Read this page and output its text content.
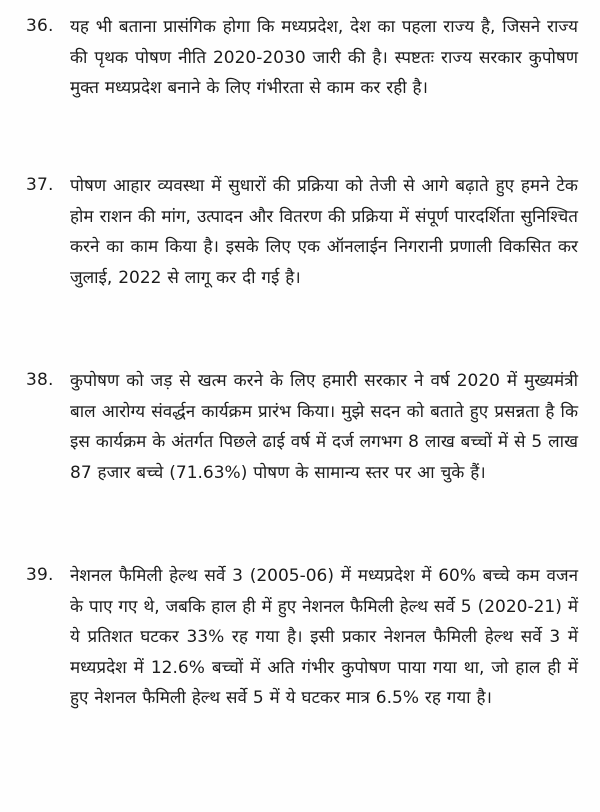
36. यह भी बताना प्रासंगिक होगा कि मध्यप्रदेश, देश का पहला राज्य है, जिसने राज्य की पृथक पोषण नीति 2020-2030 जारी की है। स्पष्टतः राज्य सरकार कुपोषण मुक्त मध्यप्रदेश बनाने के लिए गंभीरता से काम कर रही है।
37. पोषण आहार व्यवस्था में सुधारों की प्रक्रिया को तेजी से आगे बढ़ाते हुए हमने टेक होम राशन की मांग, उत्पादन और वितरण की प्रक्रिया में संपूर्ण पारदर्शिता सुनिश्चित करने का काम किया है। इसके लिए एक ऑनलाईन निगरानी प्रणाली विकसित कर जुलाई, 2022 से लागू कर दी गई है।
38. कुपोषण को जड़ से खत्म करने के लिए हमारी सरकार ने वर्ष 2020 में मुख्यमंत्री बाल आरोग्य संवर्द्धन कार्यक्रम प्रारंभ किया। मुझे सदन को बताते हुए प्रसन्नता है कि इस कार्यक्रम के अंतर्गत पिछले ढाई वर्ष में दर्ज लगभग 8 लाख बच्चों में से 5 लाख 87 हजार बच्चे (71.63%) पोषण के सामान्य स्तर पर आ चुके हैं।
39. नेशनल फैमिली हेल्थ सर्वे 3 (2005-06) में मध्यप्रदेश में 60% बच्चे कम वजन के पाए गए थे, जबकि हाल ही में हुए नेशनल फैमिली हेल्थ सर्वे 5 (2020-21) में ये प्रतिशत घटकर 33% रह गया है। इसी प्रकार नेशनल फैमिली हेल्थ सर्वे 3 में मध्यप्रदेश में 12.6% बच्चों में अति गंभीर कुपोषण पाया गया था, जो हाल ही में हुए नेशनल फैमिली हेल्थ सर्वे 5 में ये घटकर मात्र 6.5% रह गया है।
